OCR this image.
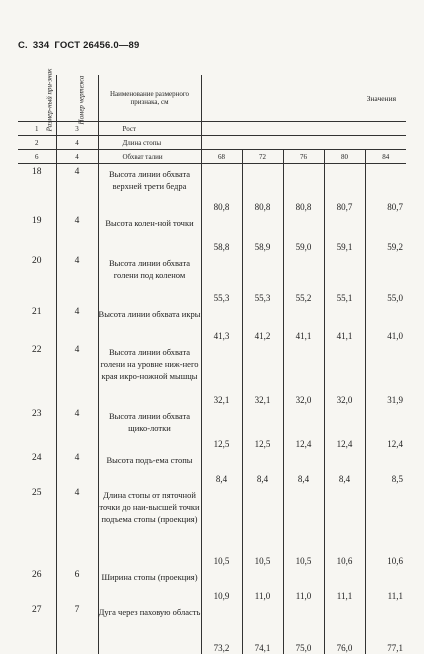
С. 334 ГОСТ 26456.0—89
Размер-ный при-знак	Номер чертежа	Наименование размерного признака, см	Значения				
1	3	Рост					
2	4	Длина стопы					
6	4	Обхват талии	68	72	76	80	84

18	4	Высота линии обхвата верхней трети бедра	80,8	80,8	80,8	80,7	80,7
19	4	Высота колен-ной точки	58,8	58,9	59,0	59,1	59,2
20	4	Высота линии обхвата голени под коленом	55,3	55,3	55,2	55,1	55,0
21	4	Высота линии обхвата икры	41,3	41,2	41,1	41,1	41,0
22	4	Высота линии обхвата голени на уровне ниж-него края икро-ножной мышцы	32,1	32,1	32,0	32,0	31,9
23	4	Высота линии обхвата щико-лотки	12,5	12,5	12,4	12,4	12,4
24	4	Высота подъ-ема стопы	8,4	8,4	8,4	8,4	8,5
25	4	Длина стопы от пяточной точки до наи-высшей точки подъема стопы (проекция)	10,5	10,5	10,5	10,6	10,6
26	6	Ширина стопы (проекция)	10,9	11,0	11,0	11,1	11,1
27	7	Дуга через паховую область	73,2	74,1	75,0	76,0	77,1
